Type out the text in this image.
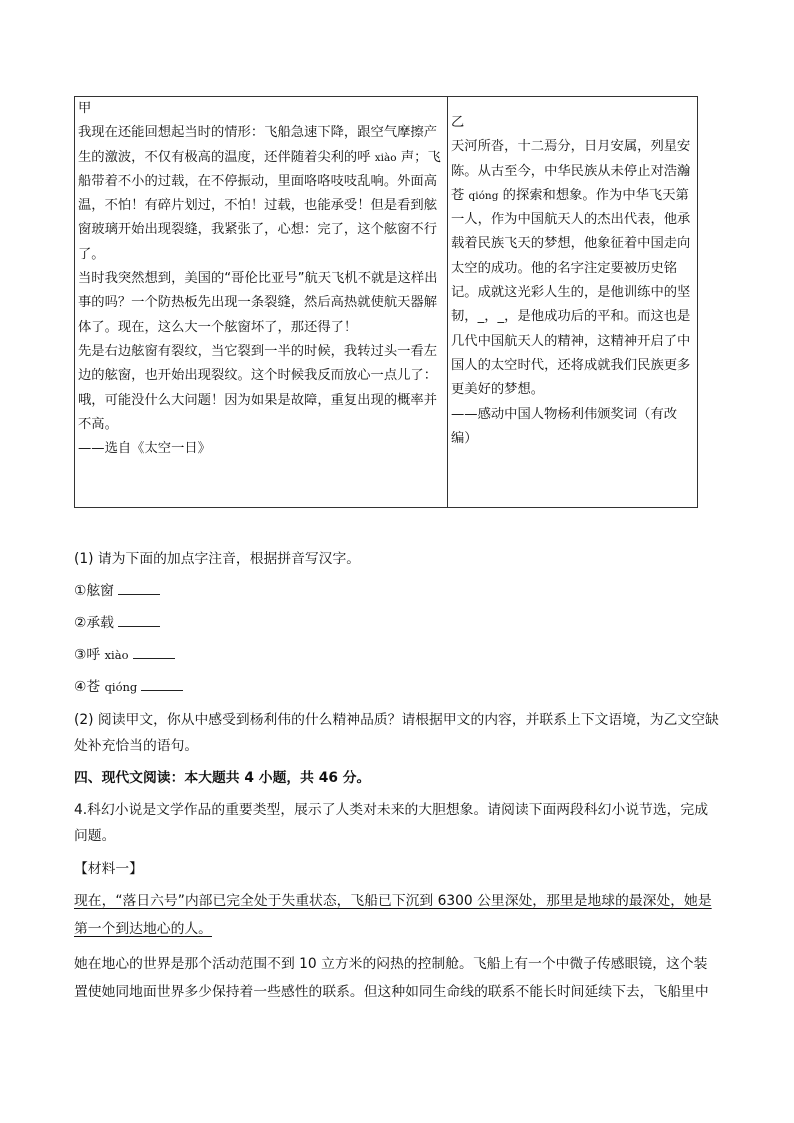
甲

我现在还能回想起当时的情形：飞船急速下降，跟空气摩擦产生的激波，不仅有极高的温度，还伴随着尖利的呼 xiào 声；飞船带着不小的过载，在不停振动，里面咯咯吱吱乱响。外面高温，不怕！有碎片划过，不怕！过载，也能承受！但是看到舷窗玻璃开始出现裂缝，我紧张了，心想：完了，这个舷窗不行了。

当时我突然想到，美国的“哥伦比亚号”航天飞机不就是这样出事的吗？一个防热板先出现一条裂缝，然后高热就使航天器解体了。现在，这么大一个舷窗坏了，那还得了！

先是右边舷窗有裂纹，当它裂到一半的时候，我转过头一看左边的舷窗，也开始出现裂纹。这个时候我反而放心一点儿了：哦，可能没什么大问题！因为如果是故障，重复出现的概率并不高。

——选自《太空一日》

乙

天河所沓，十二焉分，日月安属，列星安陈。从古至今，中华民族从未停止对浩瀚苍 qióng 的探索和想象。作为中华飞天第一人，作为中国航天人的杰出代表，他承载着民族飞天的梦想，他象征着中国走向太空的成功。他的名字注定要被历史铭记。成就这光彩人生的，是他训练中的坚韧，_，_，是他成功后的平和。而这也是几代中国航天人的精神，这精神开启了中国人的太空时代，还将成就我们民族更多更美好的梦想。

——感动中国人物杨利伟颁奖词（有改编）

(1) 请为下面的加点字注音，根据拼音写汉字。

①舷窗

②承载

③呼 xiào

④苍 qióng

(2) 阅读甲文，你从中感受到杨利伟的什么精神品质？请根据甲文的内容，并联系上下文语境，为乙文空缺处补充恰当的语句。

四、现代文阅读：本大题共 4 小题，共 46 分。

4.科幻小说是文学作品的重要类型，展示了人类对未来的大胆想象。请阅读下面两段科幻小说节选，完成问题。

【材料一】

现在，“落日六号”内部已完全处于失重状态，飞船已下沉到 6300 公里深处，那里是地球的最深处，她是第一个到达地心的人。

她在地心的世界是那个活动范围不到 10 立方米的闷热的控制舱。飞船上有一个中微子传感眼镜，这个装置使她同地面世界多少保持着一些感性的联系。但这种如同生命线的联系不能长时间延续下去，飞船里中
